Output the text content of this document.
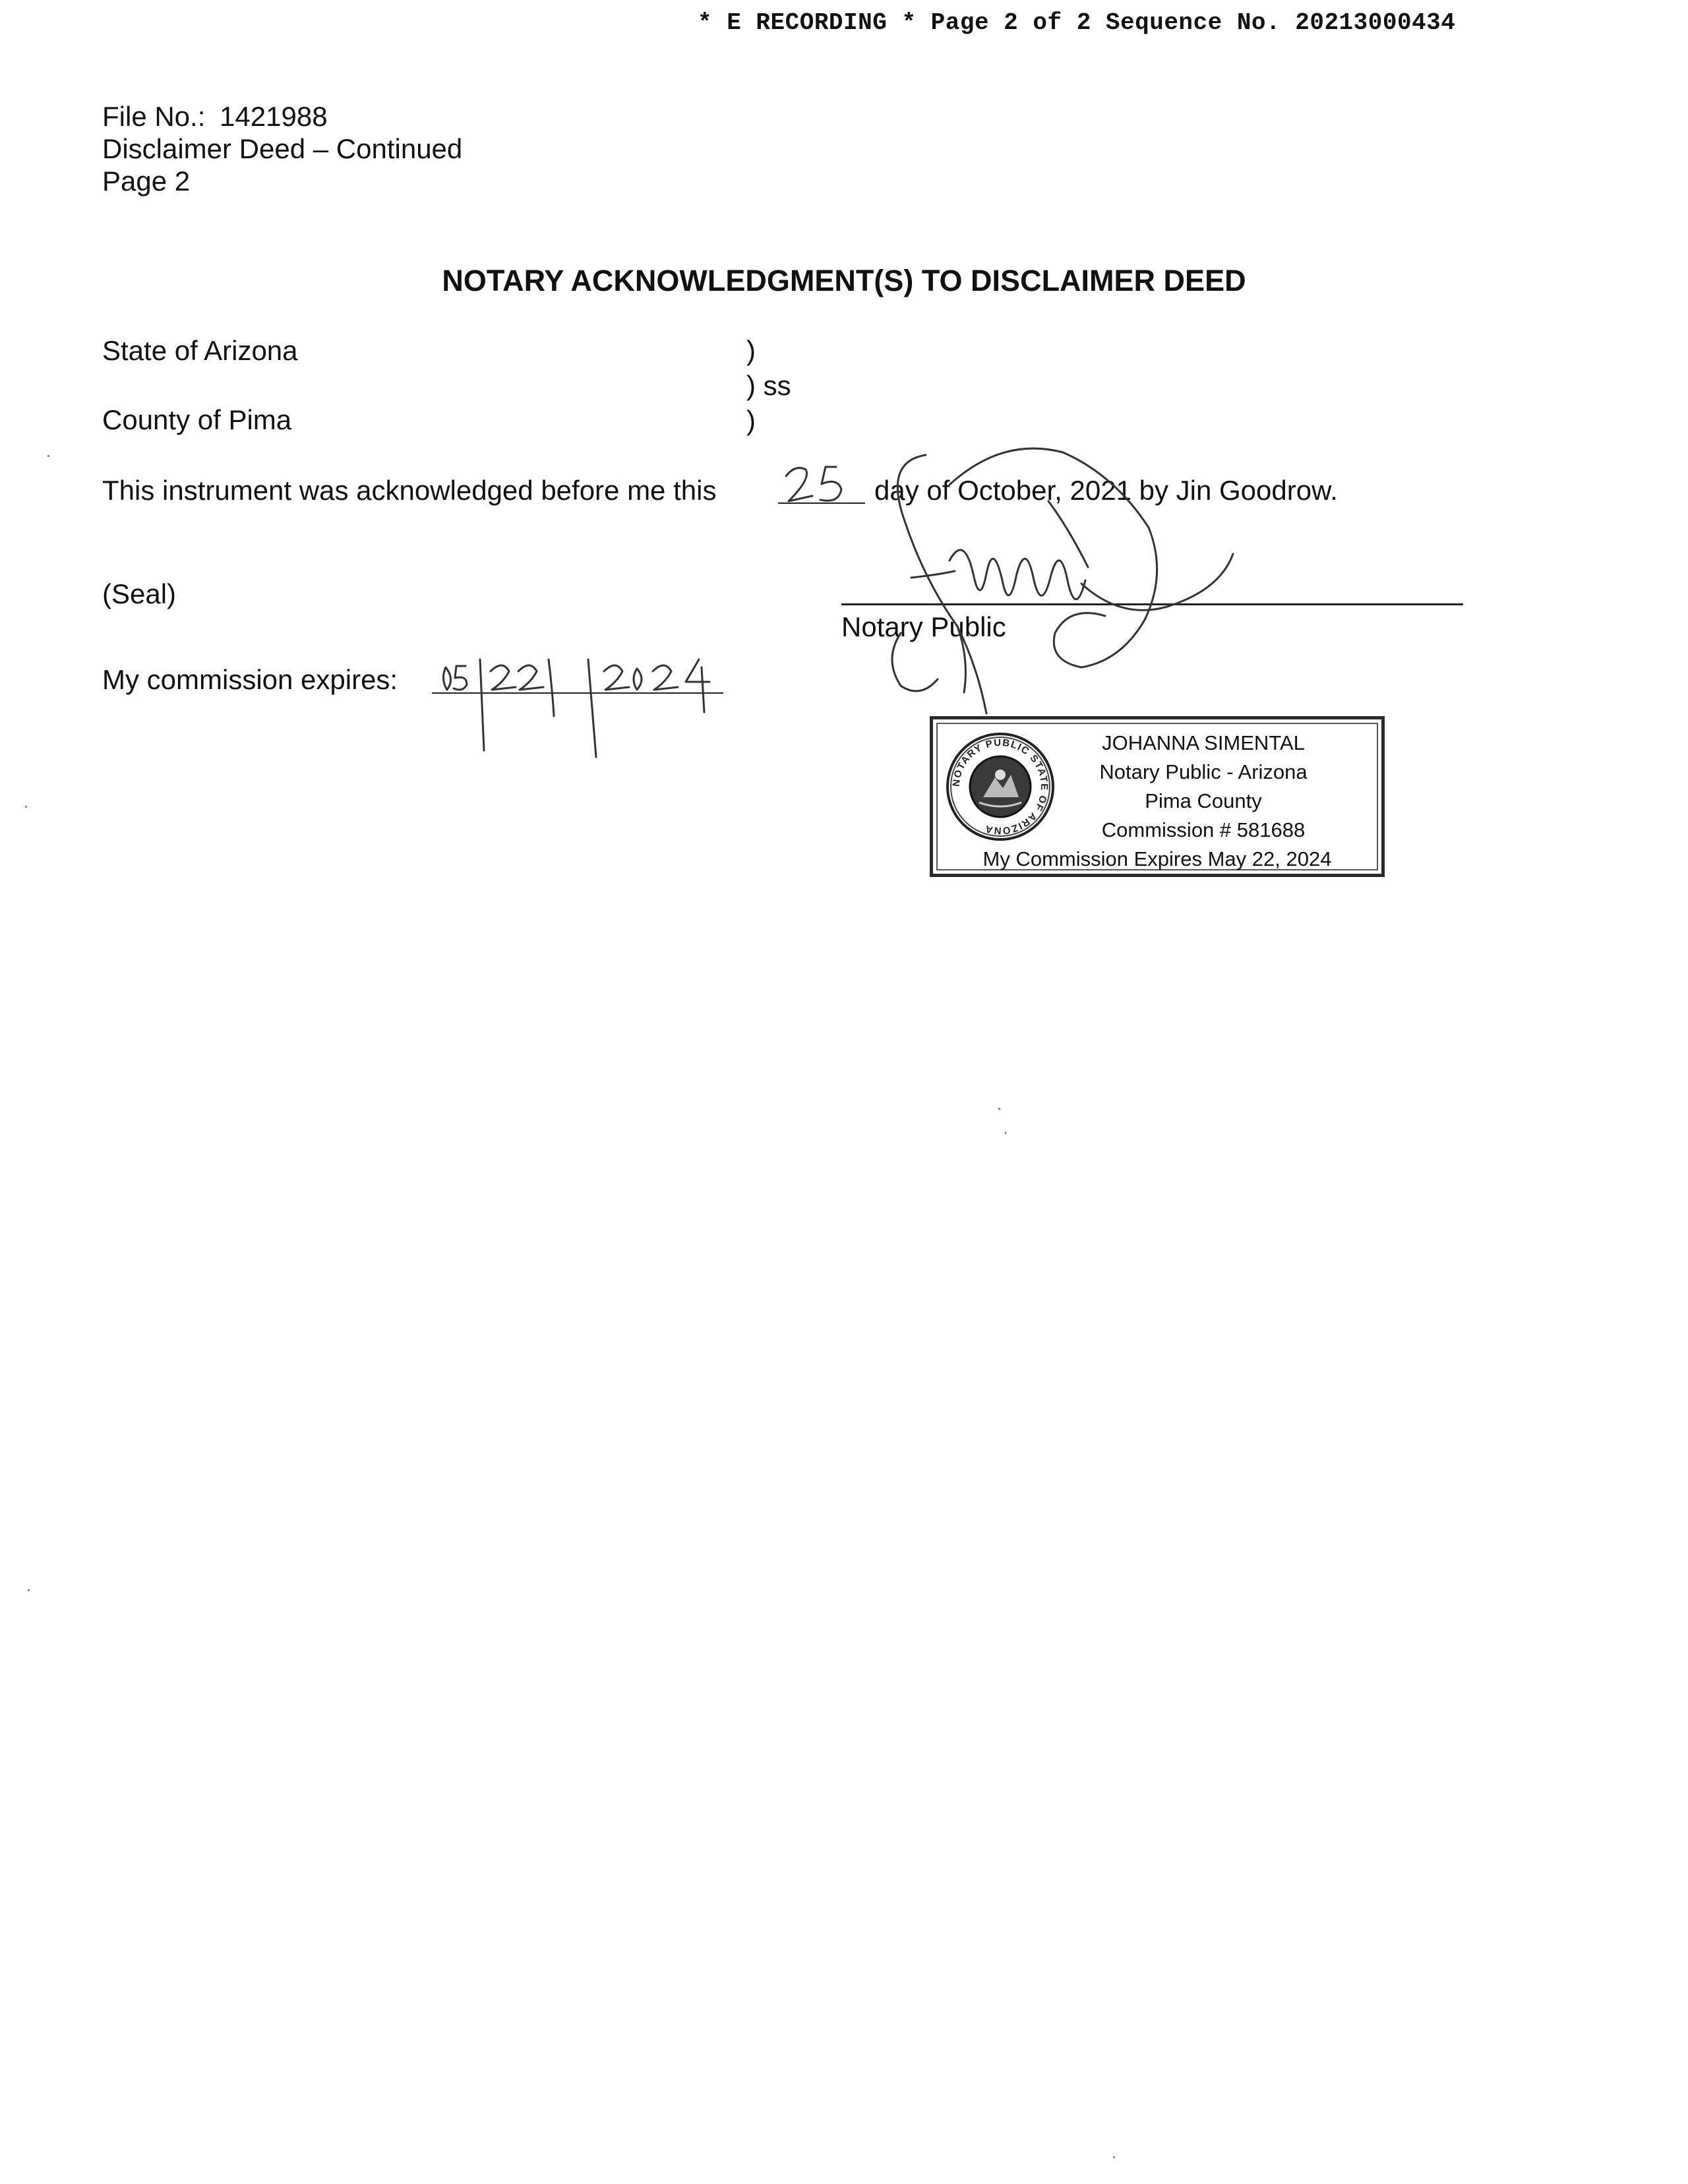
* E RECORDING * Page 2 of 2 Sequence No. 20213000434
File No.: 1421988
Disclaimer Deed – Continued
Page 2
NOTARY ACKNOWLEDGMENT(S) TO DISCLAIMER DEED
State of Arizona
County of Pima
)
) ss
)
This instrument was acknowledged before me this	day of October, 2021 by Jin Goodrow.
(Seal)
My commission expires:
Notary Public
NOTARY PUBLIC STATE OF ARIZONA
JOHANNA SIMENTAL
Notary Public - Arizona
Pima County
Commission # 581688
My Commission Expires May 22, 2024
